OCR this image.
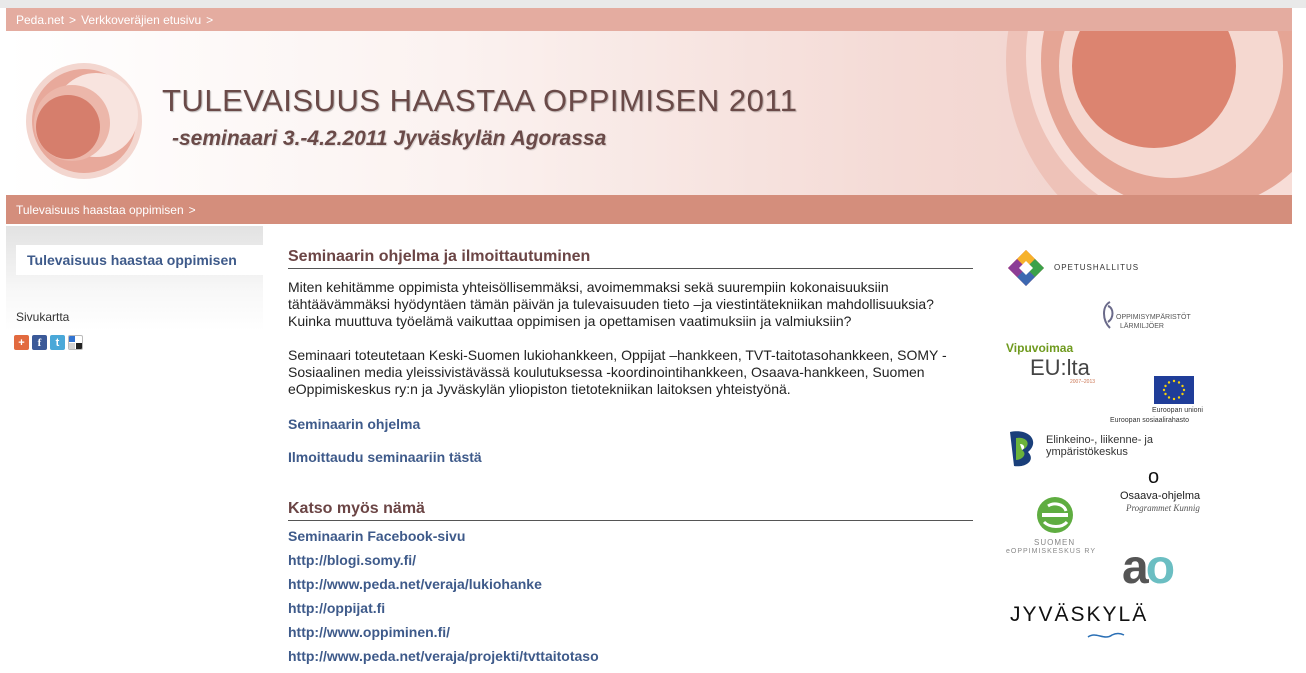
Peda.net > Verkkoveräjien etusivu >
TULEVAISUUS HAASTAA OPPIMISEN 2011
-seminaari 3.-4.2.2011 Jyväskylän Agorassa
Tulevaisuus haastaa oppimisen >
Tulevaisuus haastaa oppimisen
Sivukartta
+	f	t
Seminaarin ohjelma ja ilmoittautuminen

Miten kehitämme oppimista yhteisöllisemmäksi, avoimemmaksi sekä suurempiin kokonaisuuksiin tähtäävämmäksi hyödyntäen tämän päivän ja tulevaisuuden tieto –ja viestintätekniikan mahdollisuuksia? Kuinka muuttuva työelämä vaikuttaa oppimisen ja opettamisen vaatimuksiin ja valmiuksiin?

Seminaari toteutetaan Keski-Suomen lukiohankkeen, Oppijat –hankkeen, TVT-taitotasohankkeen, SOMY - Sosiaalinen media yleissivistävässä koulutuksessa -koordinointihankkeen, Osaava-hankkeen, Suomen eOppimiskeskus ry:n ja Jyväskylän yliopiston tietotekniikan laitoksen yhteistyönä.

Seminaarin ohjelma
Ilmoittaudu seminaariin tästä
Katso myös nämä
Seminaarin Facebook-sivu
http://blogi.somy.fi/
http://www.peda.net/veraja/lukiohanke
http://oppijat.fi
http://www.oppiminen.fi/
http://www.peda.net/veraja/projekti/tvttaitotaso
OPETUSHALLITUS
OPPIMISYMPÄRISTÖT
LÄRMILJÖER
Vipuvoimaa
EU:lta
2007–2013
Euroopan unioni
Euroopan sosiaalirahasto
Elinkeino-, liikenne- ja
ympäristökeskus
o
Osaava-ohjelma
Programmet Kunnig
SUOMEN
eOPPIMISKESKUS RY ao
JYVÄSKYLÄ
